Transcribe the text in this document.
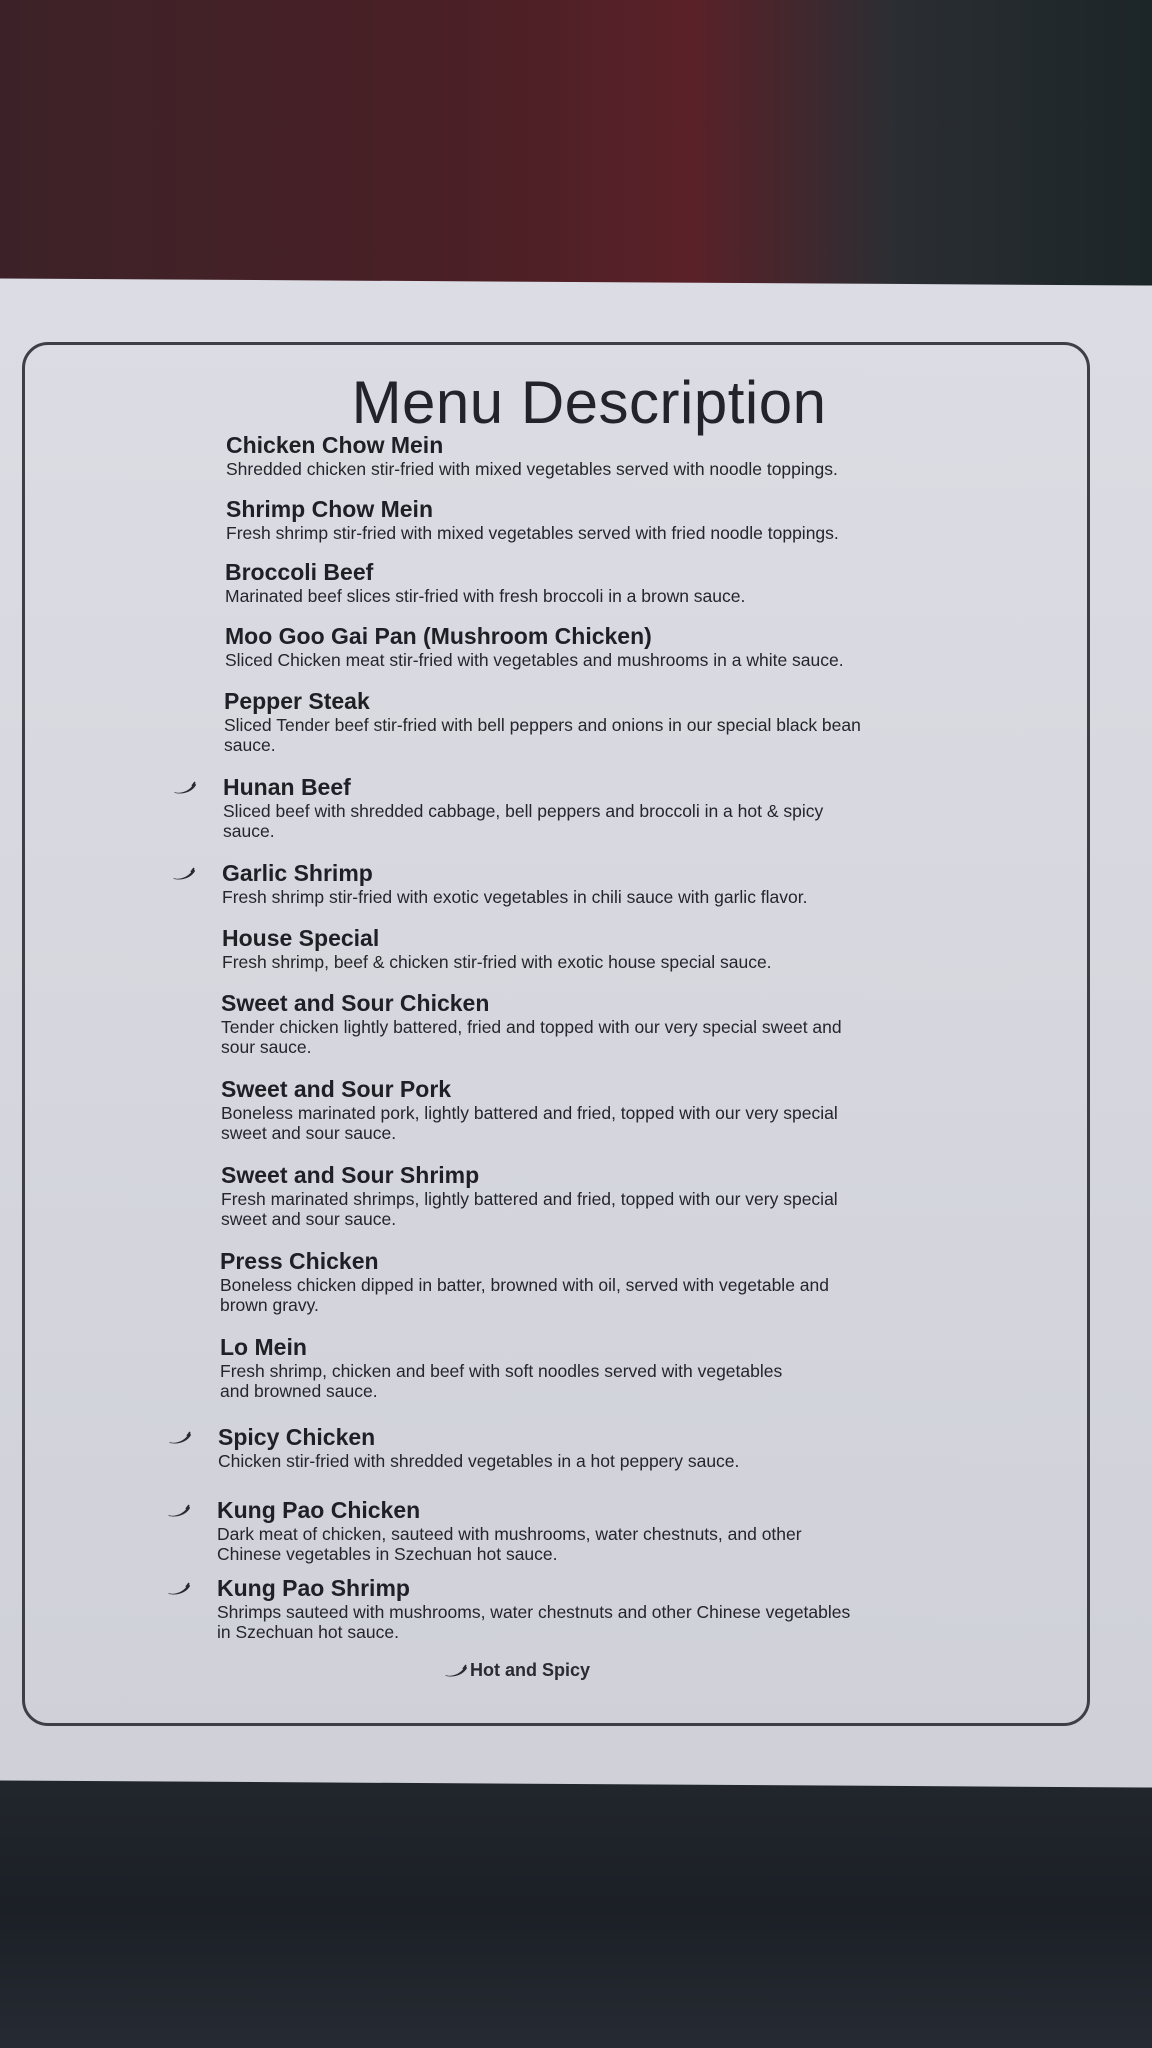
Menu Description
Chicken Chow Mein
Shredded chicken stir-fried with mixed vegetables served with noodle toppings.
Shrimp Chow Mein
Fresh shrimp stir-fried with mixed vegetables served with fried noodle toppings.
Broccoli Beef
Marinated beef slices stir-fried with fresh broccoli in a brown sauce.
Moo Goo Gai Pan (Mushroom Chicken)
Sliced Chicken meat stir-fried with vegetables and mushrooms in a white sauce.
Pepper Steak
Sliced Tender beef stir-fried with bell peppers and onions in our special black bean
sauce.
Hunan Beef
Sliced beef with shredded cabbage, bell peppers and broccoli in a hot & spicy
sauce.
Garlic Shrimp
Fresh shrimp stir-fried with exotic vegetables in chili sauce with garlic flavor.
House Special
Fresh shrimp, beef & chicken stir-fried with exotic house special sauce.
Sweet and Sour Chicken
Tender chicken lightly battered, fried and topped with our very special sweet and
sour sauce.
Sweet and Sour Pork
Boneless marinated pork, lightly battered and fried, topped with our very special
sweet and sour sauce.
Sweet and Sour Shrimp
Fresh marinated shrimps, lightly battered and fried, topped with our very special
sweet and sour sauce.
Press Chicken
Boneless chicken dipped in batter, browned with oil, served with vegetable and
brown gravy.
Lo Mein
Fresh shrimp, chicken and beef with soft noodles served with vegetables
and browned sauce.
Spicy Chicken
Chicken stir-fried with shredded vegetables in a hot peppery sauce.
Kung Pao Chicken
Dark meat of chicken, sauteed with mushrooms, water chestnuts, and other
Chinese vegetables in Szechuan hot sauce.
Kung Pao Shrimp
Shrimps sauteed with mushrooms, water chestnuts and other Chinese vegetables
in Szechuan hot sauce.
Hot and Spicy
